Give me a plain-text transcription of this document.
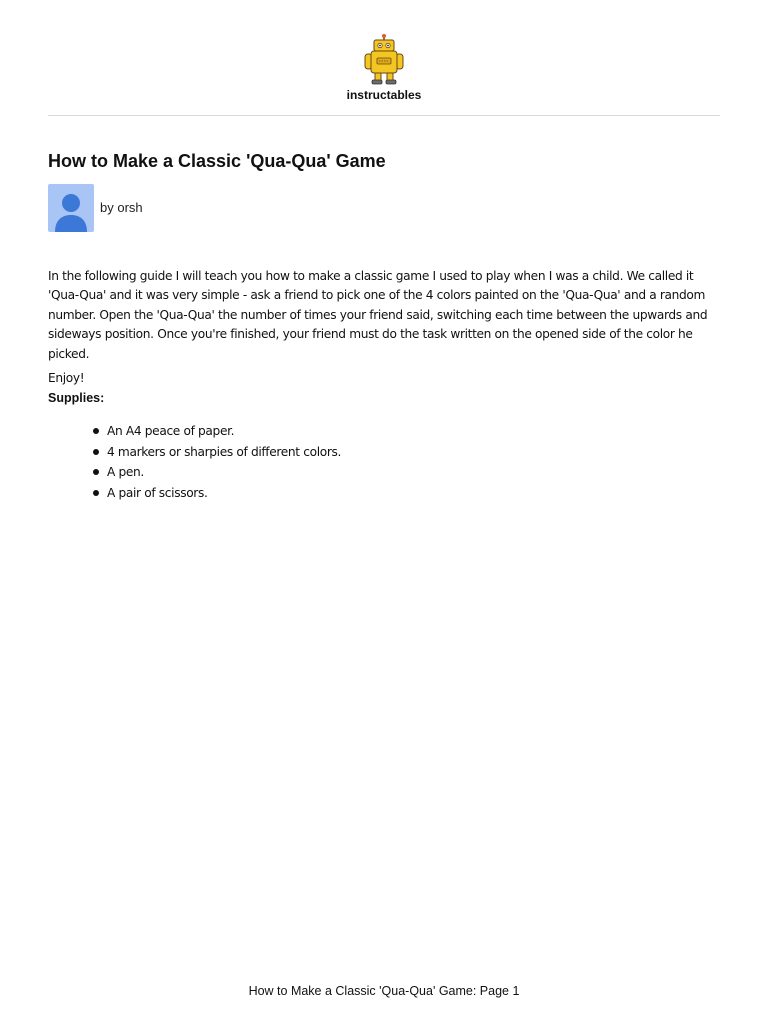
instructables
How to Make a Classic 'Qua-Qua' Game
by orsh

In the following guide I will teach you how to make a classic game I used to play when I was a child. We called it 'Qua-Qua' and it was very simple - ask a friend to pick one of the 4 colors painted on the 'Qua-Qua' and a random number. Open the 'Qua-Qua' the number of times your friend said, switching each time between the upwards and sideways position. Once you're finished, your friend must do the task written on the opened side of the color he picked.

Enjoy!

Supplies:

An A4 peace of paper.
4 markers or sharpies of different colors.
A pen.
A pair of scissors.
How to Make a Classic 'Qua-Qua' Game: Page 1
